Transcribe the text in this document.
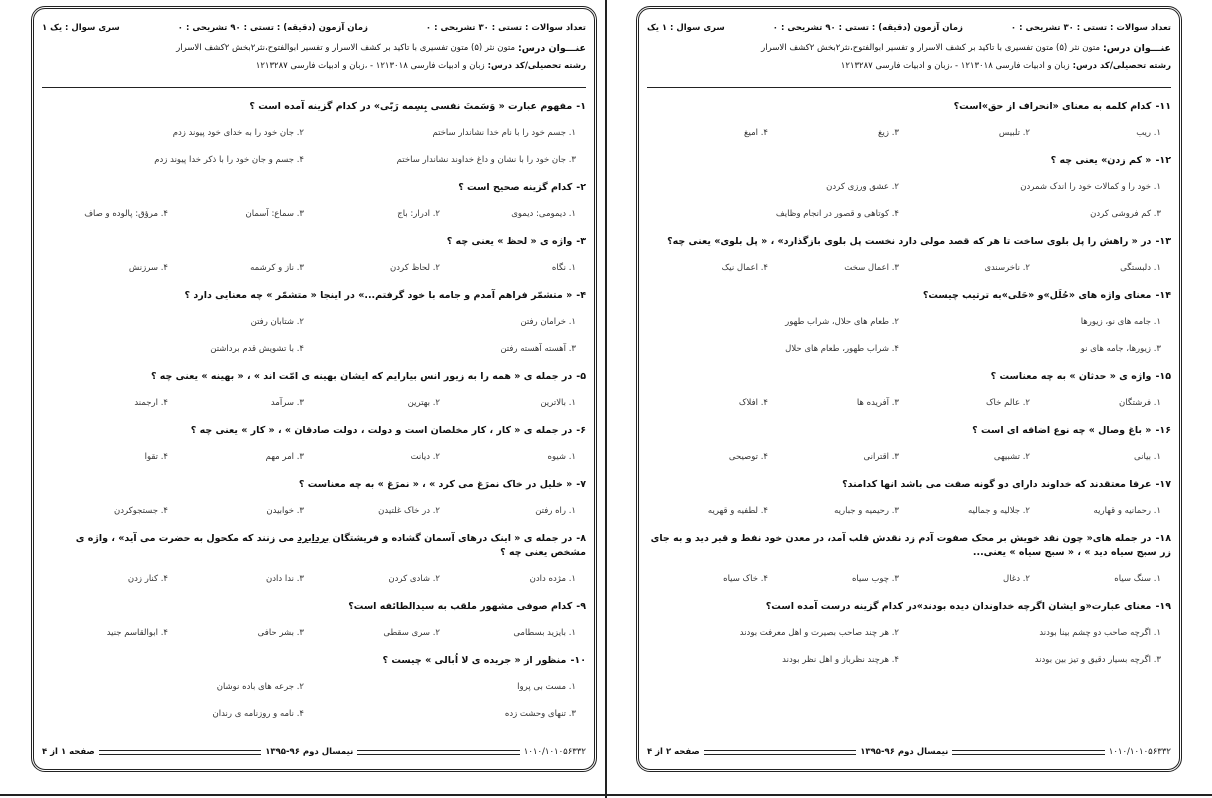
تعداد سوالات : تستی : ۳۰ تشریحی : ۰
زمان آزمون (دقیقه) : تستی : ۹۰ تشریحی : ۰
سری سوال : یک ۱
عنـــوان درس:
متون نثر (۵) متون تفسیری با تاکید بر کشف الاسرار و تفسیر ابوالفتوح،نثر۲بخش ۲کشف الاسرار
رشته تحصیلی/کد درس:
زبان و ادبیات فارسی ۱۲۱۳۰۱۸ - ،زبان و ادبیات فارسی ۱۲۱۳۲۸۷
۱-مفهوم عبارت « وَسَمتَ نفسی بِسِمه رَبّی» در کدام گزینه آمده است ؟
۱. جسم خود را با نام خدا نشاندار ساختم
۲. جان خود را به خدای خود پیوند زدم
۳. جان خود را با نشان و داغ خداوند نشاندار ساختم
۴. جسم و جان خود را با ذکر خدا پیوند زدم
۲-کدام گزینه صحیح است ؟
۱. دیمومی: دیموی
۲. ادرار: باج
۳. سماع: آسمان
۴. مرؤق: پالوده و صاف
۳-واژه ی « لحظ » یعنی چه ؟
۱. نگاه
۲. لحاظ کردن
۳. ناز و کرشمه
۴. سرزنش
۴-« متشمّر فراهم آمدم و جامه با خود گرفتم...» در اینجا « متشمّر » چه معنایی دارد ؟
۱. خرامان رفتن
۲. شتابان رفتن
۳. آهسته آهسته رفتن
۴. با تشویش قدم برداشتن
۵-در جمله ی « همه را به زیور انس بیارایم که ایشان بهینه ی امّت اند » ، « بهینه » یعنی چه ؟
۱. بالاترین
۲. بهترین
۳. سرآمد
۴. ارجمند
۶-در جمله ی « کار ، کار مخلصان است و دولت ، دولت صادقان » ، « کار » یعنی چه ؟
۱. شیوه
۲. دیانت
۳. امر مهم
۴. تقوا
۷-« خلیل در خاک نمرَغ می کرد » ، « نمرَغ » به چه معناست ؟
۱. راه رفتن
۲. در خاک غلتیدن
۳. خوابیدن
۴. جستجوکردن
۸-در جمله ی « اینک درهای آسمان گشاده و فریشتگان بردابرد می زنند که مکحول به حضرت می آید» ، واژه ی مشخص یعنی چه ؟
۱. مژده دادن
۲. شادی کردن
۳. ندا دادن
۴. کنار زدن
۹-کدام صوفی مشهور ملقب به سیدالطائفه است؟
۱. بایزید بسطامی
۲. سری سقطی
۳. بشر حافی
۴. ابوالقاسم جنید
۱۰-منظور از « جریده ی لا اُبالی » چیست ؟
۱. مست بی پروا
۲. جرعه های باده نوشان
۳. تنهای وحشت زده
۴. نامه و روزنامه ی رندان
۱۰۱۰/۱۰۱۰۵۶۳۳۲
نیمسال دوم ۹۶-۱۳۹۵
صفحه ۱ از ۴
تعداد سوالات : تستی : ۳۰ تشریحی : ۰
زمان آزمون (دقیقه) : تستی : ۹۰ تشریحی : ۰
سری سوال : ۱ یک
عنـــوان درس:
متون نثر (۵) متون تفسیری با تاکید بر کشف الاسرار و تفسیر ابوالفتوح،نثر۲بخش ۲کشف الاسرار
رشته تحصیلی/کد درس:
زبان و ادبیات فارسی ۱۲۱۳۰۱۸ - ،زبان و ادبیات فارسی ۱۲۱۳۲۸۷
۱۱-کدام کلمه به معنای «انحراف از حق»است؟
۱. ریب
۲. تلبیس
۳. زیغ
۴. امیغ
۱۲-« کم زدن» یعنی چه ؟
۱. خود را و کمالات خود را اندک شمردن
۲. عشق ورزی کردن
۳. کم فروشی کردن
۴. کوتاهی و قصور در انجام وظایف
۱۳-در « راهش را پل بلوی ساخت تا هر که قصد مولی دارد نخست پل بلوی بازگذارد» ، « پل بلوی» یعنی چه؟
۱. دلبستگی
۲. ناخرسندی
۳. اعمال سخت
۴. اعمال نیک
۱۴-معنای واژه های «حُلَل»و «حَلی»به ترتیب چیست؟
۱. جامه های نو، زیورها
۲. طعام های حلال، شراب طهور
۳. زیورها، جامه های نو
۴. شراب طهور، طعام های حلال
۱۵-واژه ی « حدثان » به چه معناست ؟
۱. فرشتگان
۲. عالم خاک
۳. آفریده ها
۴. افلاک
۱۶-« باغ وصال » چه نوع اضافه ای است ؟
۱. بیانی
۲. تشبیهی
۳. اقترانی
۴. توصیحی
۱۷-عرفا معتقدند که خداوند دارای دو گونه صفت می باشد انها کدامند؟
۱. رحمانیه و قهاریه
۲. جلالیه و جمالیه
۳. رحیمیه و جباریه
۴. لطفیه و قهریه
۱۸-در جمله های« چون نقد خویش بر محک صفوت آدم زد نقدش قلب آمد، در معدن خود نفط و قیر دید و به جای زر سبج سیاه دید » ، « سبج سیاه » یعنی...
۱. سنگ سیاه
۲. دغال
۳. چوب سیاه
۴. خاک سیاه
۱۹-معنای عبارت«و ایشان اگرچه خداوندان دیده بودند»در کدام گزینه درست آمده است؟
۱. اگرچه صاحب دو چشم بینا بودند
۲. هر چند صاحب بصیرت و اهل معرفت بودند
۳. اگرچه بسیار دقیق و تیز بین بودند
۴. هرچند نظرباز و اهل نظر بودند
۱۰۱۰/۱۰۱۰۵۶۳۳۲
نیمسال دوم ۹۶-۱۳۹۵
صفحه ۲ از ۴
